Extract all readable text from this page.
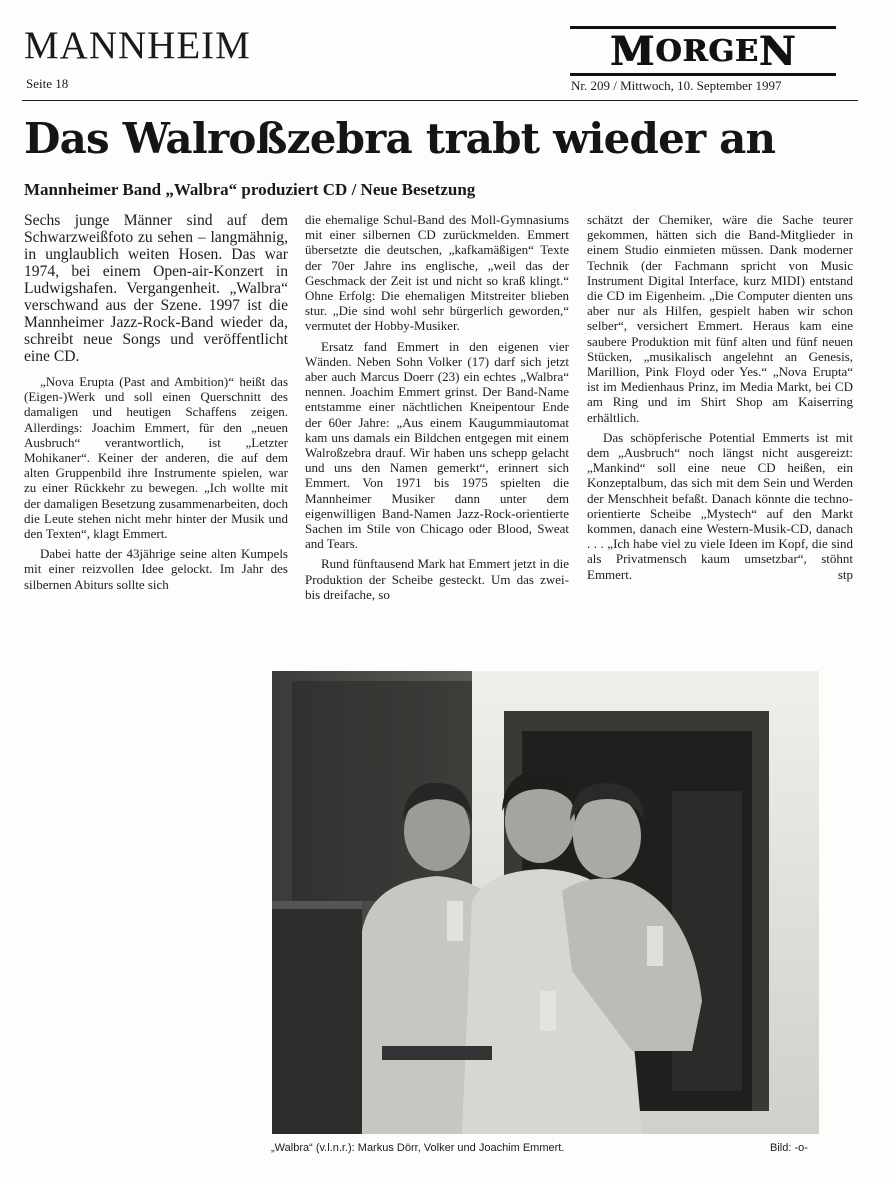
MANNHEIM
Seite 18
M ORGE N
Nr. 209 / Mittwoch, 10. September 1997
Das Walroßzebra trabt wieder an
Mannheimer Band „Walbra“ produziert CD / Neue Besetzung

Sechs junge Männer sind auf dem Schwarzweißfoto zu sehen – langmähnig, in unglaublich weiten Hosen. Das war 1974, bei einem Open-air-Konzert in Ludwigshafen. Vergangenheit. „Walbra“ verschwand aus der Szene. 1997 ist die Mannheimer Jazz-Rock-Band wieder da, schreibt neue Songs und veröffentlicht eine CD.

„Nova Erupta (Past and Ambition)“ heißt das (Eigen-)Werk und soll einen Querschnitt des damaligen und heutigen Schaffens zeigen. Allerdings: Joachim Emmert, für den „neuen Ausbruch“ verantwortlich, ist „Letzter Mohikaner“. Keiner der anderen, die auf dem alten Gruppenbild ihre Instrumente spielen, war zu einer Rückkehr zu bewegen. „Ich wollte mit der damaligen Besetzung zusammenarbeiten, doch die Leute stehen nicht mehr hinter der Musik und den Texten“, klagt Emmert.

Dabei hatte der 43jährige seine alten Kumpels mit einer reizvollen Idee gelockt. Im Jahr des silbernen Abiturs sollte sich

die ehemalige Schul-Band des Moll-Gymnasiums mit einer silbernen CD zurückmelden. Emmert übersetzte die deutschen, „kafkamäßigen“ Texte der 70er Jahre ins englische, „weil das der Geschmack der Zeit ist und nicht so kraß klingt.“ Ohne Erfolg: Die ehemaligen Mitstreiter blieben stur. „Die sind wohl sehr bürgerlich geworden,“ vermutet der Hobby-Musiker.

Ersatz fand Emmert in den eigenen vier Wänden. Neben Sohn Volker (17) darf sich jetzt aber auch Marcus Doerr (23) ein echtes „Walbra“ nennen. Joachim Emmert grinst. Der Band-Name entstamme einer nächtlichen Kneipentour Ende der 60er Jahre: „Aus einem Kaugummiautomat kam uns damals ein Bildchen entgegen mit einem Walroßzebra drauf. Wir haben uns schepp gelacht und uns den Namen gemerkt“, erinnert sich Emmert. Von 1971 bis 1975 spielten die Mannheimer Musiker dann unter dem eigenwilligen Band-Namen Jazz-Rock-orientierte Sachen im Stile von Chicago oder Blood, Sweat and Tears.

Rund fünftausend Mark hat Emmert jetzt in die Produktion der Scheibe gesteckt. Um das zwei- bis dreifache, so

schätzt der Chemiker, wäre die Sache teurer gekommen, hätten sich die Band-Mitglieder in einem Studio einmieten müssen. Dank moderner Technik (der Fachmann spricht von Music Instrument Digital Interface, kurz MIDI) entstand die CD im Eigenheim. „Die Computer dienten uns aber nur als Hilfen, gespielt haben wir schon selber“, versichert Emmert. Heraus kam eine saubere Produktion mit fünf alten und fünf neuen Stücken, „musikalisch angelehnt an Genesis, Marillion, Pink Floyd oder Yes.“ „Nova Erupta“ ist im Medienhaus Prinz, im Media Markt, bei CD am Ring und im Shirt Shop am Kaiserring erhältlich.

Das schöpferische Potential Emmerts ist mit dem „Ausbruch“ noch längst nicht ausgereizt: „Mankind“ soll eine neue CD heißen, ein Konzeptalbum, das sich mit dem Sein und Werden der Menschheit befaßt. Danach könnte die techno-orientierte Scheibe „Mystech“ auf den Markt kommen, danach eine Western-Musik-CD, danach . . . „Ich habe viel zu viele Ideen im Kopf, die sind als Privatmensch kaum umsetzbar“, stöhnt Emmert.	stp

„Walbra“ (v.l.n.r.): Markus Dörr, Volker und Joachim Emmert.	Bild: -o-
